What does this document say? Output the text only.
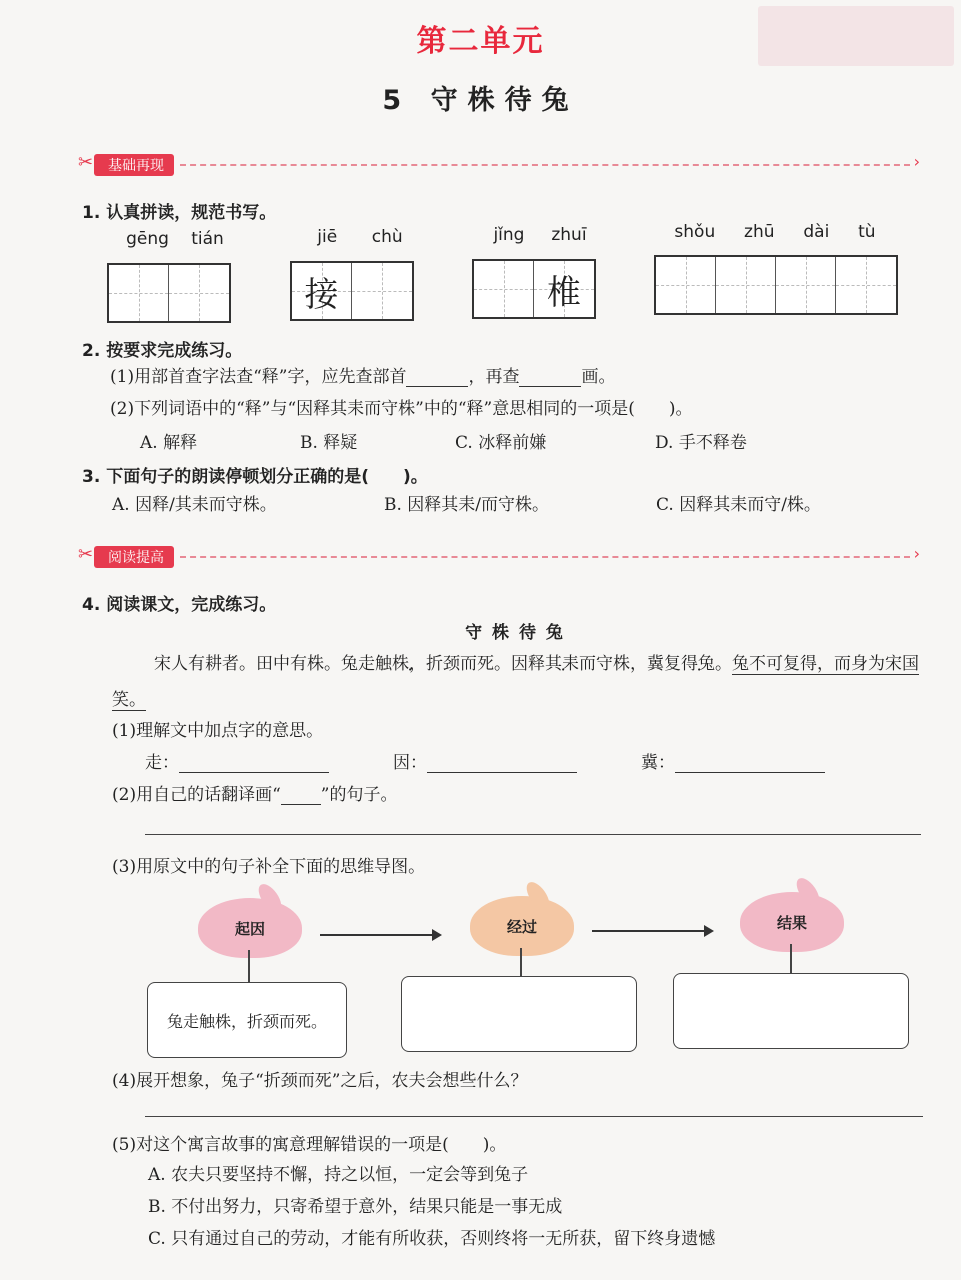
第二单元
5 守株待兔
✂	基础再现	›
1. 认真拼读，规范书写。
gēng tián	jiē chù
接
jǐng zhuī
椎
shǒu zhū dài tù
2. 按要求完成练习。
(1)用部首查字法查“释”字，应先查部首	，再查	画。
(2)下列词语中的“释”与“因释其耒而守株”中的“释”意思相同的一项是(　　)。
A. 解释	B. 释疑	C. 冰释前嫌	D. 手不释卷
3. 下面句子的朗读停顿划分正确的是(　　)。
A. 因释/其耒而守株。	B. 因释其耒/而守株。	C. 因释其耒而守/株。
✂	阅读提高	›
4. 阅读课文，完成练习。
守 株 待 兔
宋人有耕者。田中有株。兔走 ·触株，折颈而死。因 ·释其耒而守株，冀 ·复得兔。兔不可复得，而身为宋国笑。
(1)理解文中加点字的意思。
走：	因：	冀：
(2)用自己的话翻译画“ ”的句子。
(3)用原文中的句子补全下面的思维导图。
起因	经过	结果
兔走触株，折颈而死。
(4)展开想象，兔子“折颈而死”之后，农夫会想些什么？
(5)对这个寓言故事的寓意理解错误的一项是(　　)。
A. 农夫只要坚持不懈，持之以恒，一定会等到兔子
B. 不付出努力，只寄希望于意外，结果只能是一事无成
C. 只有通过自己的劳动，才能有所收获，否则终将一无所获，留下终身遗憾
